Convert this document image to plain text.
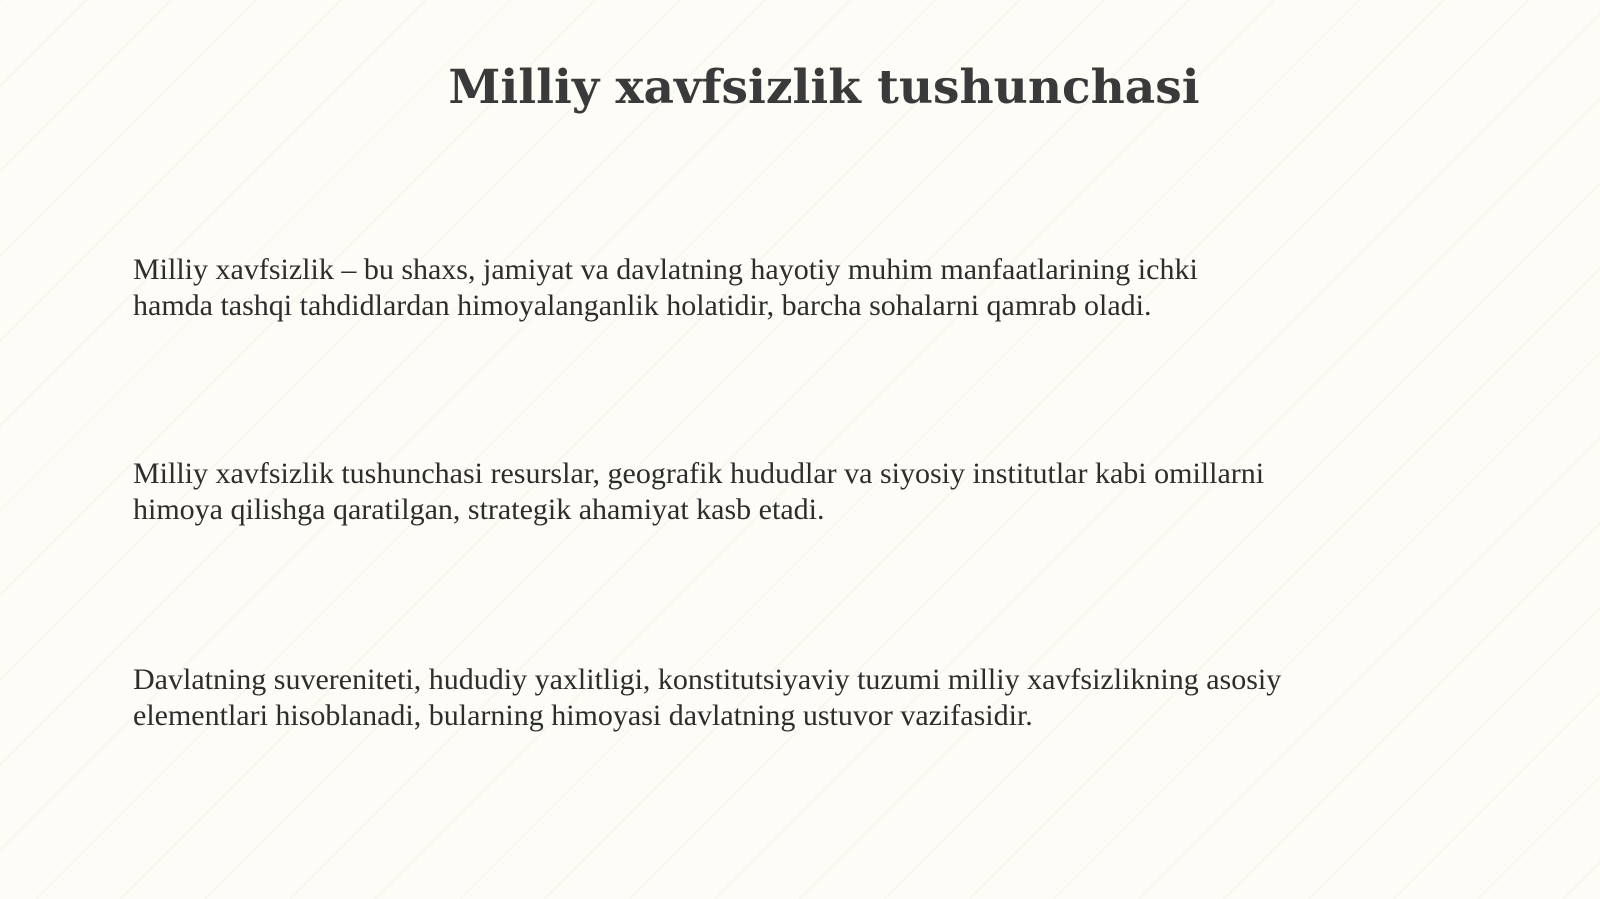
Milliy xavfsizlik tushunchasi

Milliy xavfsizlik – bu shaxs, jamiyat va davlatning hayotiy muhim manfaatlarining ichki
hamda tashqi tahdidlardan himoyalanganlik holatidir, barcha sohalarni qamrab oladi.

Milliy xavfsizlik tushunchasi resurslar, geografik hududlar va siyosiy institutlar kabi omillarni
himoya qilishga qaratilgan, strategik ahamiyat kasb etadi.

Davlatning suvereniteti, hududiy yaxlitligi, konstitutsiyaviy tuzumi milliy xavfsizlikning asosiy
elementlari hisoblanadi, bularning himoyasi davlatning ustuvor vazifasidir.
